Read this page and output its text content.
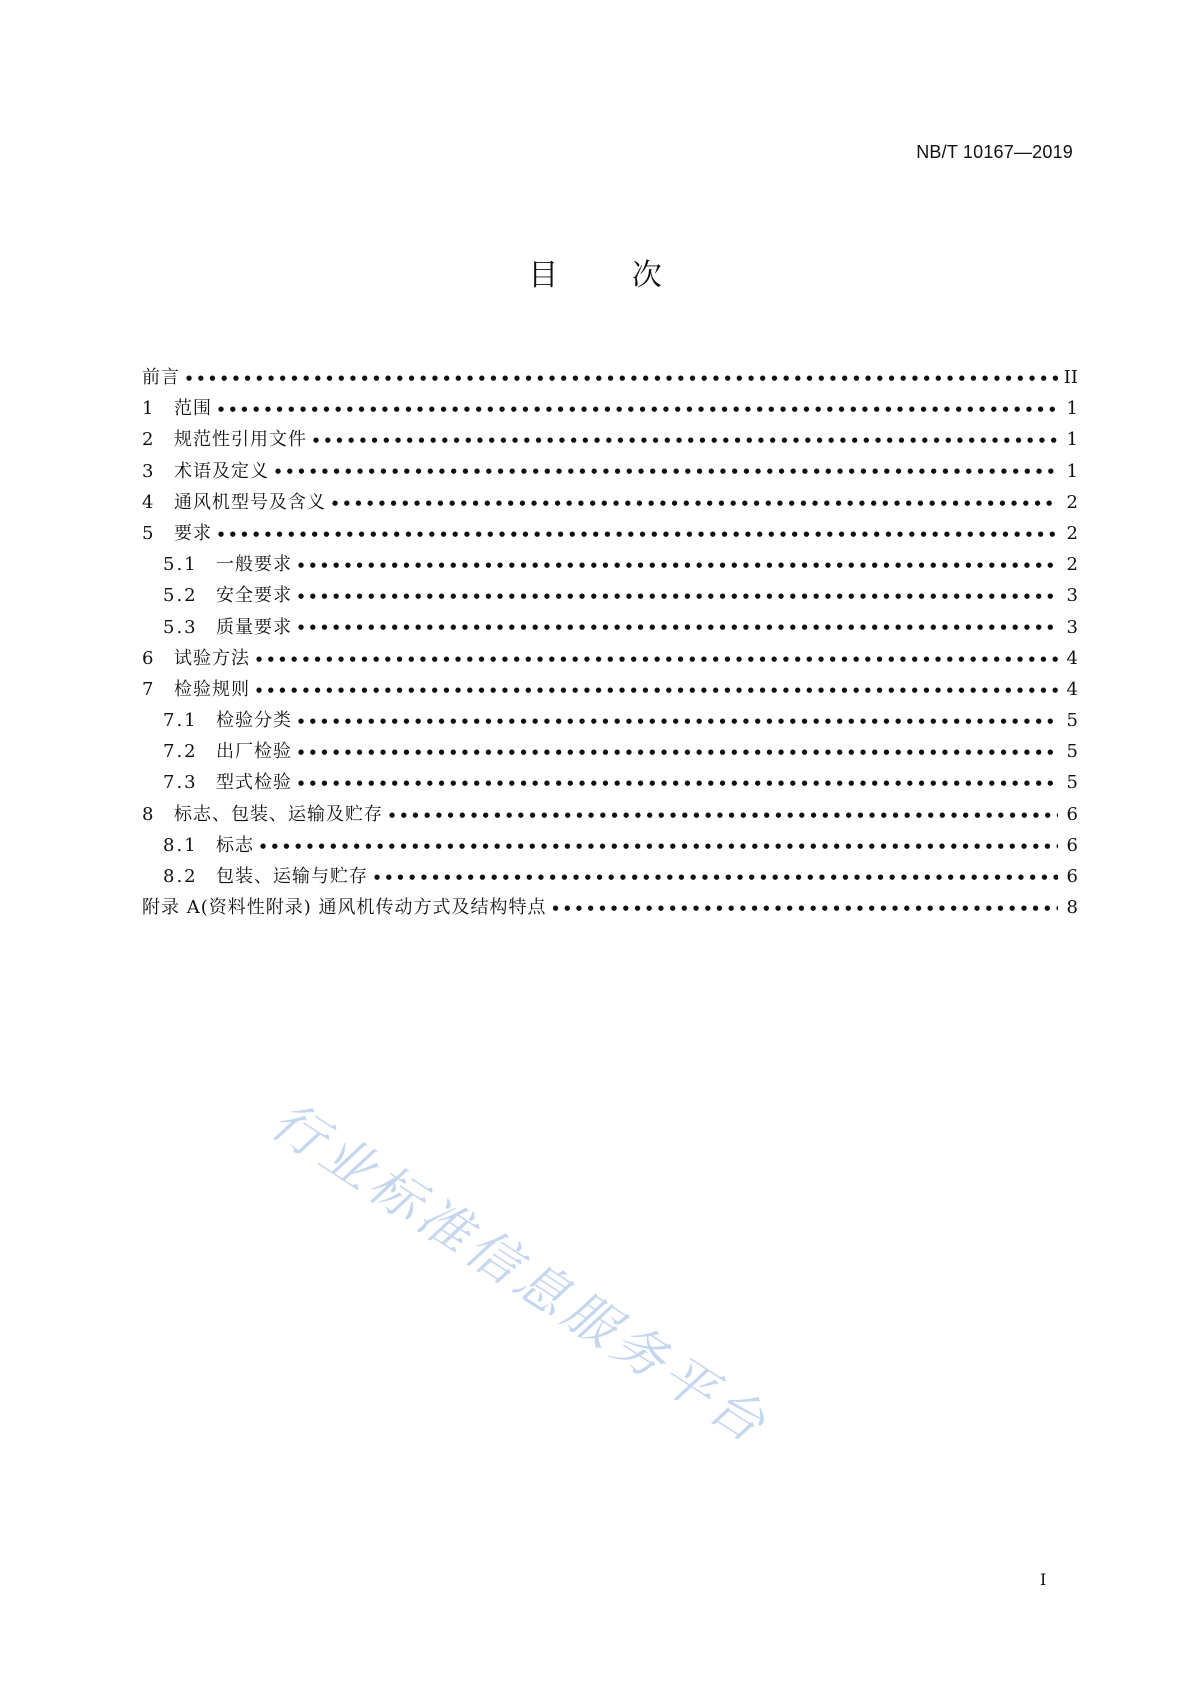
NB/T 10167—2019
目 次
前言 ●●●●●●●●●●●●●●●●●●●●●●●●●●●●●●●●●●●●●●●●●●●●●●●●●●●●●●●●●●●●●●●●●●●●●●●●●●●●●●●●●●●●●●●●●●●●●●●●●●●●●●●●●●	II
1	范围 ●●●●●●●●●●●●●●●●●●●●●●●●●●●●●●●●●●●●●●●●●●●●●●●●●●●●●●●●●●●●●●●●●●●●●●●●●●●●●●●●●●●●●●●●●●●●●●●●●●●●●●●●●●	1
2	规范性引用文件 ●●●●●●●●●●●●●●●●●●●●●●●●●●●●●●●●●●●●●●●●●●●●●●●●●●●●●●●●●●●●●●●●●●●●●●●●●●●●●●●●●●●●●●●●●●●●●●●●●●●●●●●●●●	1
3	术语及定义 ●●●●●●●●●●●●●●●●●●●●●●●●●●●●●●●●●●●●●●●●●●●●●●●●●●●●●●●●●●●●●●●●●●●●●●●●●●●●●●●●●●●●●●●●●●●●●●●●●●●●●●●●●●	1
4	通风机型号及含义 ●●●●●●●●●●●●●●●●●●●●●●●●●●●●●●●●●●●●●●●●●●●●●●●●●●●●●●●●●●●●●●●●●●●●●●●●●●●●●●●●●●●●●●●●●●●●●●●●●●●●●●●●●●	2
5	要求 ●●●●●●●●●●●●●●●●●●●●●●●●●●●●●●●●●●●●●●●●●●●●●●●●●●●●●●●●●●●●●●●●●●●●●●●●●●●●●●●●●●●●●●●●●●●●●●●●●●●●●●●●●●	2
5.1	一般要求 ●●●●●●●●●●●●●●●●●●●●●●●●●●●●●●●●●●●●●●●●●●●●●●●●●●●●●●●●●●●●●●●●●●●●●●●●●●●●●●●●●●●●●●●●●●●●●●●●●●●●●●●●●●	2
5.2	安全要求 ●●●●●●●●●●●●●●●●●●●●●●●●●●●●●●●●●●●●●●●●●●●●●●●●●●●●●●●●●●●●●●●●●●●●●●●●●●●●●●●●●●●●●●●●●●●●●●●●●●●●●●●●●●	3
5.3	质量要求 ●●●●●●●●●●●●●●●●●●●●●●●●●●●●●●●●●●●●●●●●●●●●●●●●●●●●●●●●●●●●●●●●●●●●●●●●●●●●●●●●●●●●●●●●●●●●●●●●●●●●●●●●●●	3
6	试验方法 ●●●●●●●●●●●●●●●●●●●●●●●●●●●●●●●●●●●●●●●●●●●●●●●●●●●●●●●●●●●●●●●●●●●●●●●●●●●●●●●●●●●●●●●●●●●●●●●●●●●●●●●●●●	4
7	检验规则 ●●●●●●●●●●●●●●●●●●●●●●●●●●●●●●●●●●●●●●●●●●●●●●●●●●●●●●●●●●●●●●●●●●●●●●●●●●●●●●●●●●●●●●●●●●●●●●●●●●●●●●●●●●	4
7.1	检验分类 ●●●●●●●●●●●●●●●●●●●●●●●●●●●●●●●●●●●●●●●●●●●●●●●●●●●●●●●●●●●●●●●●●●●●●●●●●●●●●●●●●●●●●●●●●●●●●●●●●●●●●●●●●●	5
7.2	出厂检验 ●●●●●●●●●●●●●●●●●●●●●●●●●●●●●●●●●●●●●●●●●●●●●●●●●●●●●●●●●●●●●●●●●●●●●●●●●●●●●●●●●●●●●●●●●●●●●●●●●●●●●●●●●●	5
7.3	型式检验 ●●●●●●●●●●●●●●●●●●●●●●●●●●●●●●●●●●●●●●●●●●●●●●●●●●●●●●●●●●●●●●●●●●●●●●●●●●●●●●●●●●●●●●●●●●●●●●●●●●●●●●●●●●	5
8	标志、包装、运输及贮存 ●●●●●●●●●●●●●●●●●●●●●●●●●●●●●●●●●●●●●●●●●●●●●●●●●●●●●●●●●●●●●●●●●●●●●●●●●●●●●●●●●●●●●●●●●●●●●●●●●●●●●●●●●●	6
8.1	标志 ●●●●●●●●●●●●●●●●●●●●●●●●●●●●●●●●●●●●●●●●●●●●●●●●●●●●●●●●●●●●●●●●●●●●●●●●●●●●●●●●●●●●●●●●●●●●●●●●●●●●●●●●●●	6
8.2	包装、运输与贮存 ●●●●●●●●●●●●●●●●●●●●●●●●●●●●●●●●●●●●●●●●●●●●●●●●●●●●●●●●●●●●●●●●●●●●●●●●●●●●●●●●●●●●●●●●●●●●●●●●●●●●●●●●●●	6
附录 A(资料性附录) 通风机传动方式及结构特点 ●●●●●●●●●●●●●●●●●●●●●●●●●●●●●●●●●●●●●●●●●●●●●●●●●●●●●●●●●●●●●●●●●●●●●●●●●●●●●●●●●●●●●●●●●●●●●●●●●●●●●●●●●●	8
行业标准信息服务平台
I
